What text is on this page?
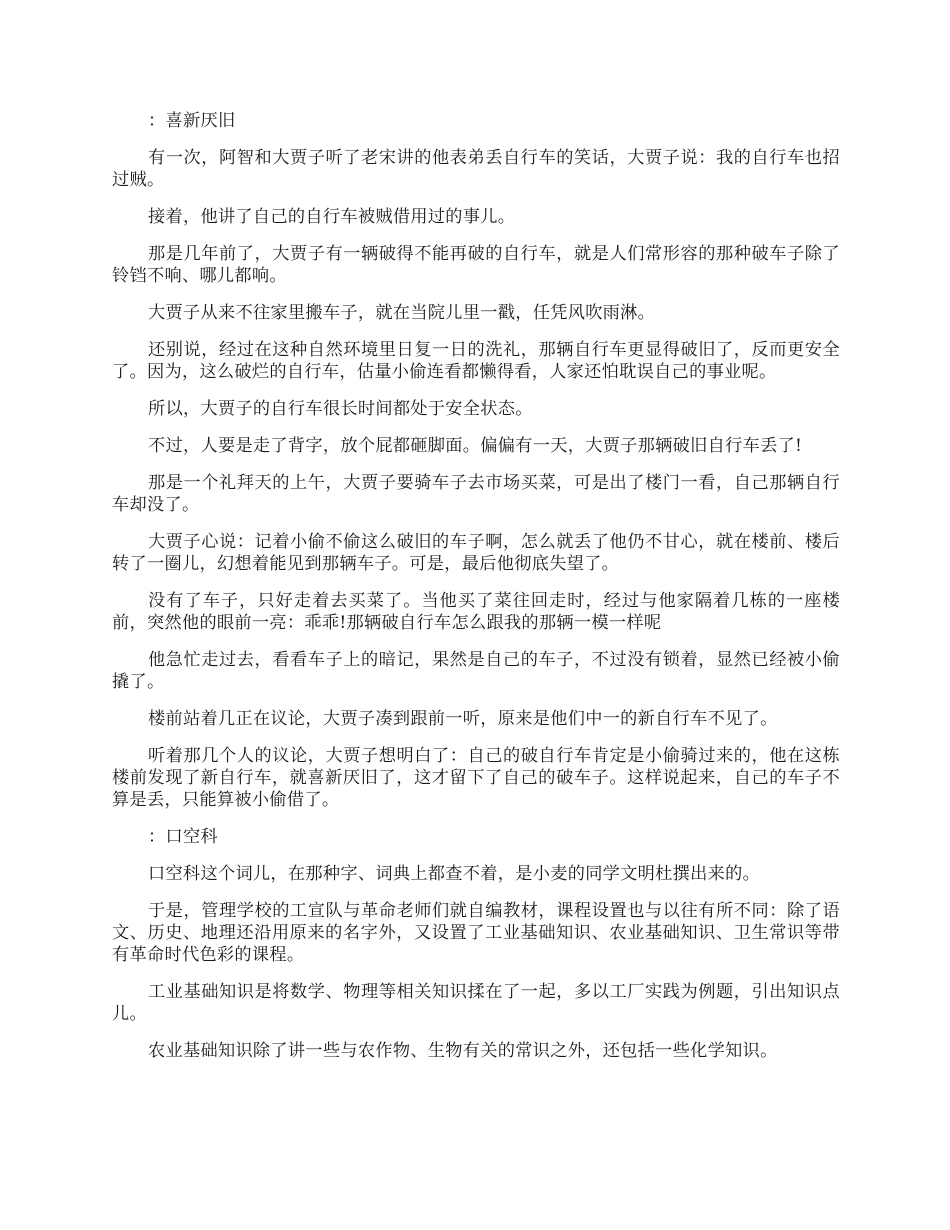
：喜新厌旧

有一次，阿智和大贾子听了老宋讲的他表弟丢自行车的笑话，大贾子说：我的自行车也招过贼。

接着，他讲了自己的自行车被贼借用过的事儿。

那是几年前了，大贾子有一辆破得不能再破的自行车，就是人们常形容的那种破车子除了铃铛不响、哪儿都响。

大贾子从来不往家里搬车子，就在当院儿里一戳，任凭风吹雨淋。

还别说，经过在这种自然环境里日复一日的洗礼，那辆自行车更显得破旧了，反而更安全了。因为，这么破烂的自行车，估量小偷连看都懒得看，人家还怕耽误自己的事业呢。

所以，大贾子的自行车很长时间都处于安全状态。

不过，人要是走了背字，放个屁都砸脚面。偏偏有一天，大贾子那辆破旧自行车丢了!

那是一个礼拜天的上午，大贾子要骑车子去市场买菜，可是出了楼门一看，自己那辆自行车却没了。

大贾子心说：记着小偷不偷这么破旧的车子啊，怎么就丢了他仍不甘心，就在楼前、楼后转了一圈儿，幻想着能见到那辆车子。可是，最后他彻底失望了。

没有了车子，只好走着去买菜了。当他买了菜往回走时，经过与他家隔着几栋的一座楼前，突然他的眼前一亮：乖乖!那辆破自行车怎么跟我的那辆一模一样呢

他急忙走过去，看看车子上的暗记，果然是自己的车子，不过没有锁着，显然已经被小偷撬了。

楼前站着几正在议论，大贾子凑到跟前一听，原来是他们中一的新自行车不见了。

听着那几个人的议论，大贾子想明白了：自己的破自行车肯定是小偷骑过来的，他在这栋楼前发现了新自行车，就喜新厌旧了，这才留下了自己的破车子。这样说起来，自己的车子不算是丢，只能算被小偷借了。

：口空科

口空科这个词儿，在那种字、词典上都查不着，是小麦的同学文明杜撰出来的。

于是，管理学校的工宣队与革命老师们就自编教材，课程设置也与以往有所不同：除了语文、历史、地理还沿用原来的名字外，又设置了工业基础知识、农业基础知识、卫生常识等带有革命时代色彩的课程。

工业基础知识是将数学、物理等相关知识揉在了一起，多以工厂实践为例题，引出知识点儿。

农业基础知识除了讲一些与农作物、生物有关的常识之外，还包括一些化学知识。
